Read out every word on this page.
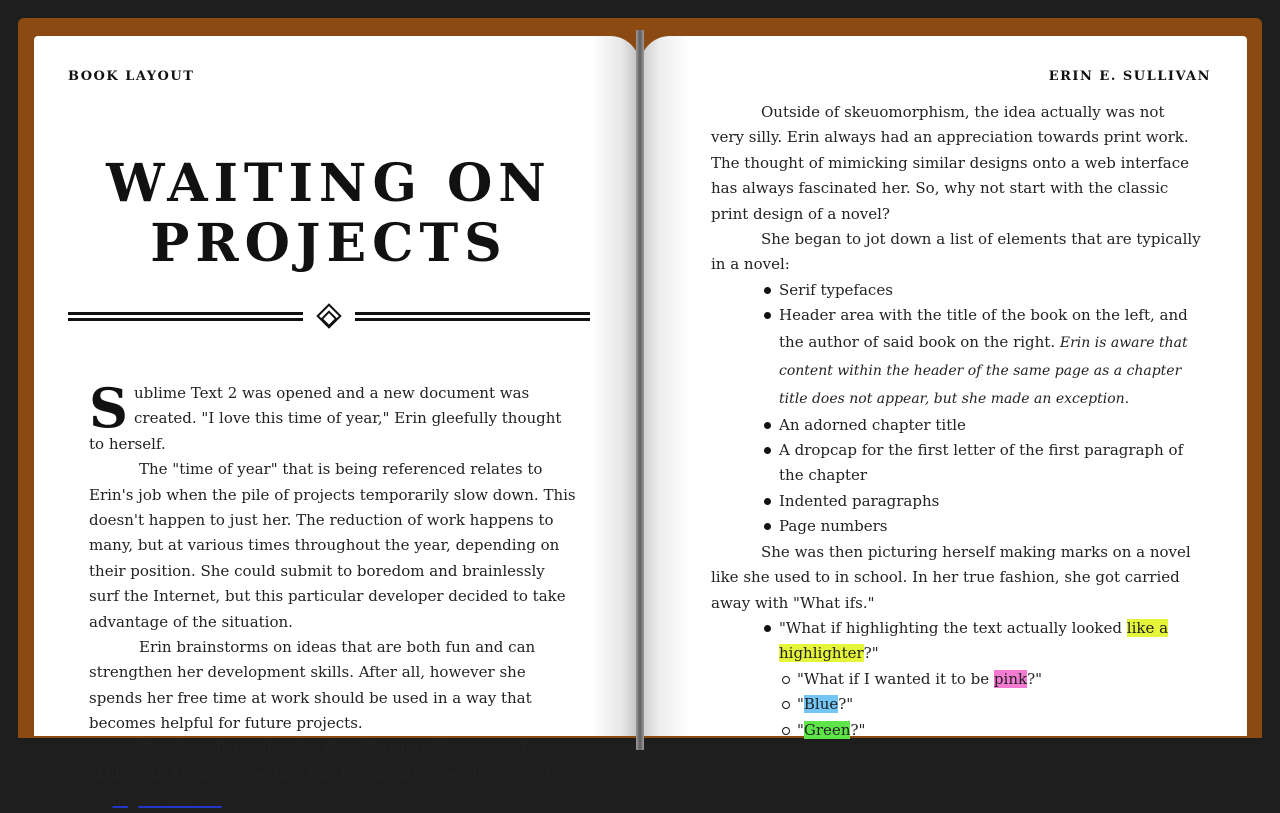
BOOK LAYOUT
WAITING ON
PROJECTS

Sublime Text 2 was opened and a new document was created. "I love this time of year," Erin gleefully thought to herself.

The "time of year" that is being referenced relates to Erin's job when the pile of projects temporarily slow down. This doesn't happen to just her. The reduction of work happens to many, but at various times throughout the year, depending on their position. She could submit to boredom and brainlessly surf the Internet, but this particular developer decided to take advantage of the situation.

Erin brainstorms on ideas that are both fun and can strengthen her development skills. After all, however she spends her free time at work should be used in a way that becomes helpful for future projects.

She already made quite the effort into fine-tuning her skills with Flexbox, creating functional and accessible code for an organizational

ERIN E. SULLIVAN

Outside of skeuomorphism, the idea actually was not very silly. Erin always had an appreciation towards print work. The thought of mimicking similar designs onto a web interface has always fascinated her. So, why not start with the classic print design of a novel?

She began to jot down a list of elements that are typically in a novel:

Serif typefaces
Header area with the title of the book on the left, and the author of said book on the right. Erin is aware that content within the header of the same page as a chapter title does not appear, but she made an exception.
An adorned chapter title
A dropcap for the first letter of the first paragraph of the chapter
Indented paragraphs
Page numbers

She was then picturing herself making marks on a novel like she used to in school. In her true fashion, she got carried away with "What ifs."

"What if highlighting the text actually looked like a highlighter?"
"What if I wanted it to be pink?"
"Blue?"
"Green?"
